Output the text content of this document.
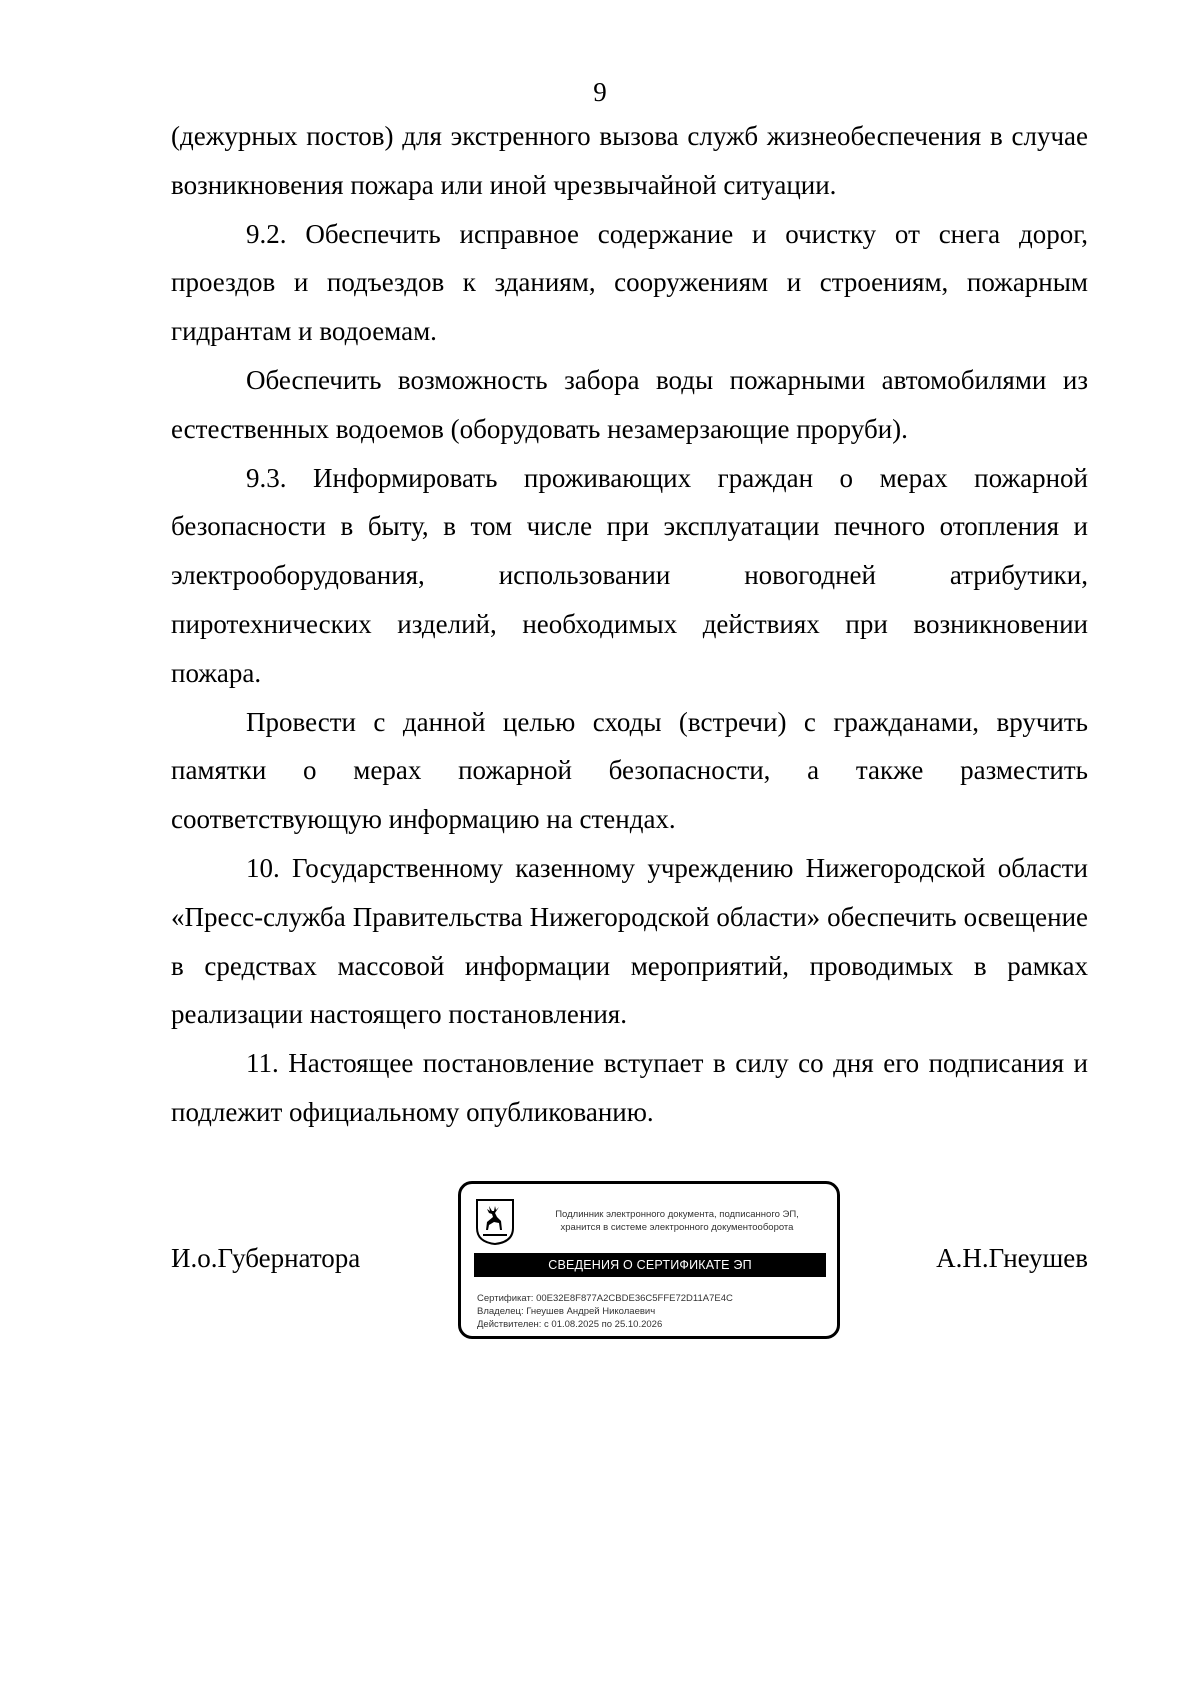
9

(дежурных постов) для экстренного вызова служб жизнеобеспечения в случае возникновения пожара или иной чрезвычайной ситуации.

9.2. Обеспечить исправное содержание и очистку от снега дорог, проездов и подъездов к зданиям, сооружениям и строениям, пожарным гидрантам и водоемам.

Обеспечить возможность забора воды пожарными автомобилями из естественных водоемов (оборудовать незамерзающие проруби).

9.3. Информировать проживающих граждан о мерах пожарной безопасности в быту, в том числе при эксплуатации печного отопления и электрооборудования, использовании новогодней атрибутики, пиротехнических изделий, необходимых действиях при возникновении пожара.

Провести с данной целью сходы (встречи) с гражданами, вручить памятки о мерах пожарной безопасности, а также разместить соответствующую информацию на стендах.

10. Государственному казенному учреждению Нижегородской области «Пресс-служба Правительства Нижегородской области» обеспечить освещение в средствах массовой информации мероприятий, проводимых в рамках реализации настоящего постановления.

11. Настоящее постановление вступает в силу со дня его подписания и подлежит официальному опубликованию.

И.о.Губернатора
Подлинник электронного документа, подписанного ЭП,
хранится в системе электронного документооборота
СВЕДЕНИЯ О СЕРТИФИКАТЕ ЭП
Сертификат: 00E32E8F877A2CBDE36C5FFE72D11A7E4C
Владелец: Гнеушев Андрей Николаевич
Действителен: с 01.08.2025 по 25.10.2026
А.Н.Гнеушев
